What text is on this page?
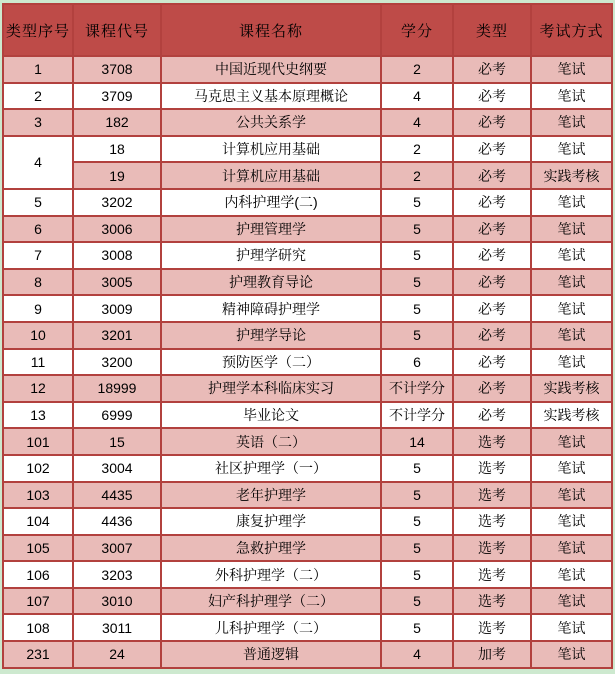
类型序号	课程代号	课程名称	学分	类型	考试方式
1	3708	中国近现代史纲要	2	必考	笔试
2	3709	马克思主义基本原理概论	4	必考	笔试
3	182	公共关系学	4	必考	笔试
4	18	计算机应用基础	2	必考	笔试
	19	计算机应用基础	2	必考	实践考核
5	3202	内科护理学(二)	5	必考	笔试
6	3006	护理管理学	5	必考	笔试
7	3008	护理学研究	5	必考	笔试
8	3005	护理教育导论	5	必考	笔试
9	3009	精神障碍护理学	5	必考	笔试
10	3201	护理学导论	5	必考	笔试
11	3200	预防医学（二）	6	必考	笔试
12	18999	护理学本科临床实习	不计学分	必考	实践考核
13	6999	毕业论文	不计学分	必考	实践考核
101	15	英语（二）	14	选考	笔试
102	3004	社区护理学（一）	5	选考	笔试
103	4435	老年护理学	5	选考	笔试
104	4436	康复护理学	5	选考	笔试
105	3007	急救护理学	5	选考	笔试
106	3203	外科护理学（二）	5	选考	笔试
107	3010	妇产科护理学（二）	5	选考	笔试
108	3011	儿科护理学（二）	5	选考	笔试
231	24	普通逻辑	4	加考	笔试
